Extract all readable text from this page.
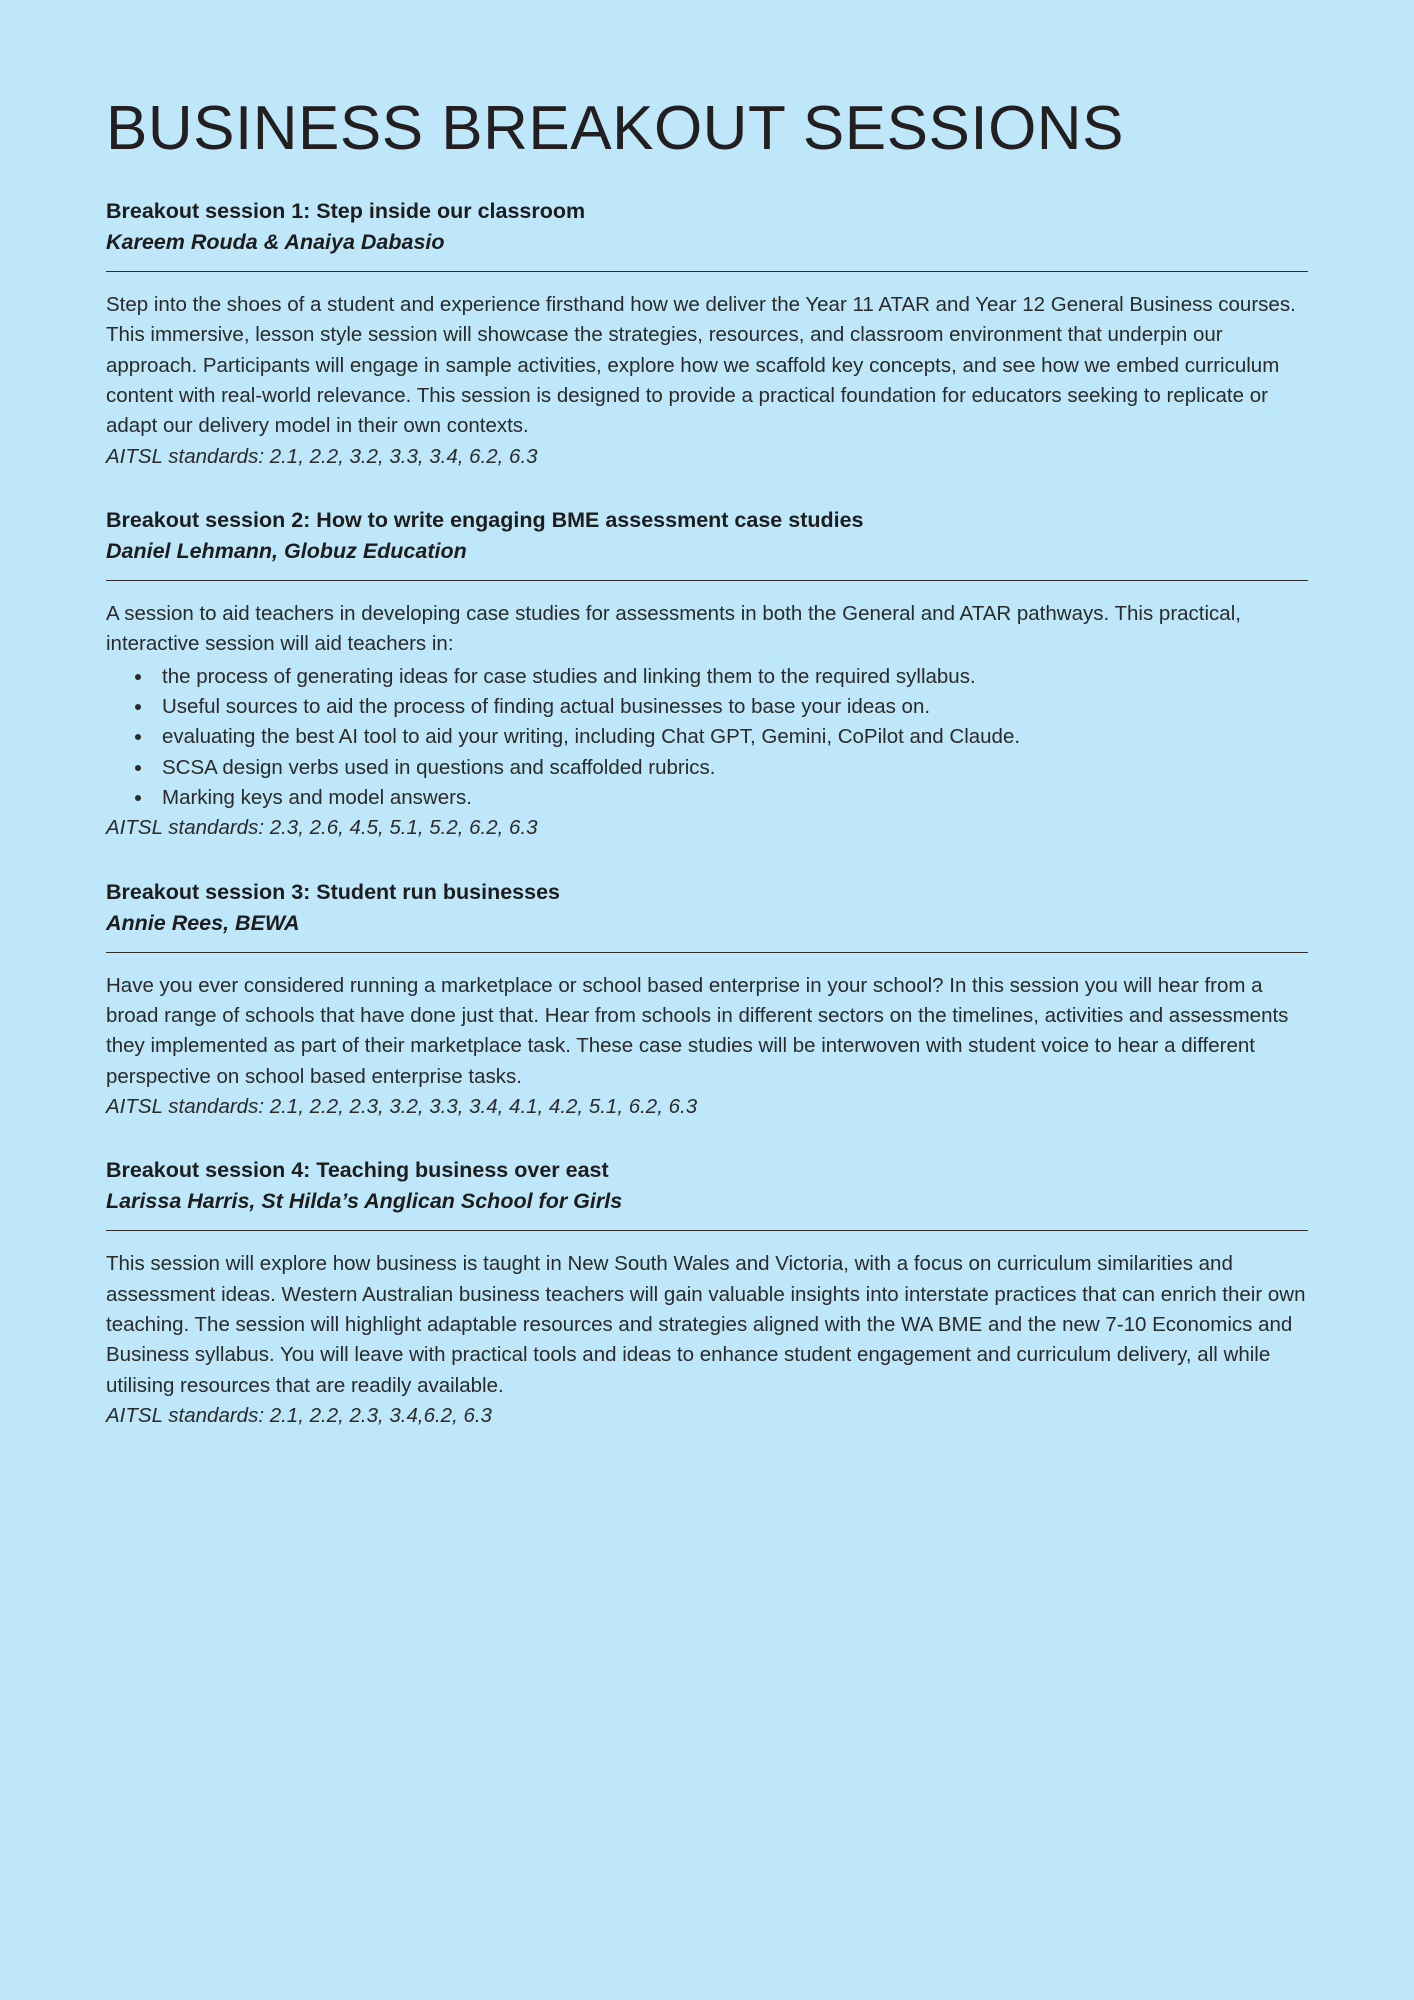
BUSINESS BREAKOUT SESSIONS

Breakout session 1: Step inside our classroom

Kareem Rouda & Anaiya Dabasio

Step into the shoes of a student and experience firsthand how we deliver the Year 11 ATAR and Year 12 General Business courses. This immersive, lesson style session will showcase the strategies, resources, and classroom environment that underpin our approach. Participants will engage in sample activities, explore how we scaffold key concepts, and see how we embed curriculum content with real-world relevance. This session is designed to provide a practical foundation for educators seeking to replicate or adapt our delivery model in their own contexts.

AITSL standards: 2.1, 2.2, 3.2, 3.3, 3.4, 6.2, 6.3

Breakout session 2: How to write engaging BME assessment case studies

Daniel Lehmann, Globuz Education

A session to aid teachers in developing case studies for assessments in both the General and ATAR pathways. This practical, interactive session will aid teachers in:

• the process of generating ideas for case studies and linking them to the required syllabus.
• Useful sources to aid the process of finding actual businesses to base your ideas on.
• evaluating the best AI tool to aid your writing, including Chat GPT, Gemini, CoPilot and Claude.
• SCSA design verbs used in questions and scaffolded rubrics.
• Marking keys and model answers.

AITSL standards: 2.3, 2.6, 4.5, 5.1, 5.2, 6.2, 6.3

Breakout session 3: Student run businesses

Annie Rees, BEWA

Have you ever considered running a marketplace or school based enterprise in your school? In this session you will hear from a broad range of schools that have done just that. Hear from schools in different sectors on the timelines, activities and assessments they implemented as part of their marketplace task. These case studies will be interwoven with student voice to hear a different perspective on school based enterprise tasks.

AITSL standards: 2.1, 2.2, 2.3, 3.2, 3.3, 3.4, 4.1, 4.2, 5.1, 6.2, 6.3

Breakout session 4: Teaching business over east

Larissa Harris, St Hilda’s Anglican School for Girls

This session will explore how business is taught in New South Wales and Victoria, with a focus on curriculum similarities and assessment ideas. Western Australian business teachers will gain valuable insights into interstate practices that can enrich their own teaching. The session will highlight adaptable resources and strategies aligned with the WA BME and the new 7-10 Economics and Business syllabus. You will leave with practical tools and ideas to enhance student engagement and curriculum delivery, all while utilising resources that are readily available.

AITSL standards: 2.1, 2.2, 2.3, 3.4,6.2, 6.3
